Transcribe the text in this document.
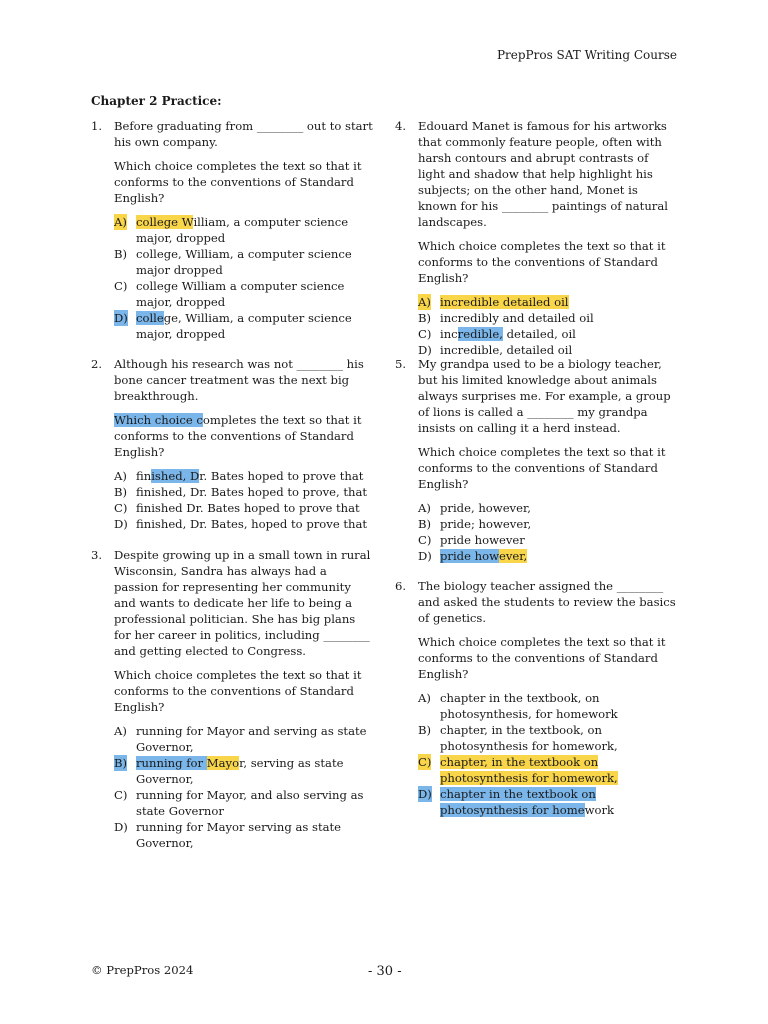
PrepPros SAT Writing Course
Chapter 2 Practice:
1. Before graduating from ________ out to start his own company.
Which choice completes the text so that it conforms to the conventions of Standard English?
A) college William, a computer science major, dropped
B) college, William, a computer science major dropped
C) college William a computer science major, dropped
D) college, William, a computer science major, dropped
2. Although his research was not ________ his bone cancer treatment was the next big breakthrough.
Which choice completes the text so that it conforms to the conventions of Standard English?
A) finished, Dr. Bates hoped to prove that
B) finished, Dr. Bates hoped to prove, that
C) finished Dr. Bates hoped to prove that
D) finished, Dr. Bates, hoped to prove that
3. Despite growing up in a small town in rural Wisconsin, Sandra has always had a passion for representing her community and wants to dedicate her life to being a professional politician. She has big plans for her career in politics, including ________ and getting elected to Congress.
Which choice completes the text so that it conforms to the conventions of Standard English?
A) running for Mayor and serving as state Governor,
B) running for Mayor, serving as state Governor,
C) running for Mayor, and also serving as state Governor
D) running for Mayor serving as state Governor,
4. Edouard Manet is famous for his artworks that commonly feature people, often with harsh contours and abrupt contrasts of light and shadow that help highlight his subjects; on the other hand, Monet is known for his ________ paintings of natural landscapes.
Which choice completes the text so that it conforms to the conventions of Standard English?
A) incredible detailed oil
B) incredibly and detailed oil
C) incredible, detailed, oil
D) incredible, detailed oil
5. My grandpa used to be a biology teacher, but his limited knowledge about animals always surprises me. For example, a group of lions is called a ________ my grandpa insists on calling it a herd instead.
Which choice completes the text so that it conforms to the conventions of Standard English?
A) pride, however,
B) pride; however,
C) pride however
D) pride however,
6. The biology teacher assigned the ________ and asked the students to review the basics of genetics.
Which choice completes the text so that it conforms to the conventions of Standard English?
A) chapter in the textbook, on photosynthesis, for homework
B) chapter, in the textbook, on photosynthesis for homework,
C) chapter, in the textbook on photosynthesis for homework,
D) chapter in the textbook on photosynthesis for homework
© PrepPros 2024	- 30 -
